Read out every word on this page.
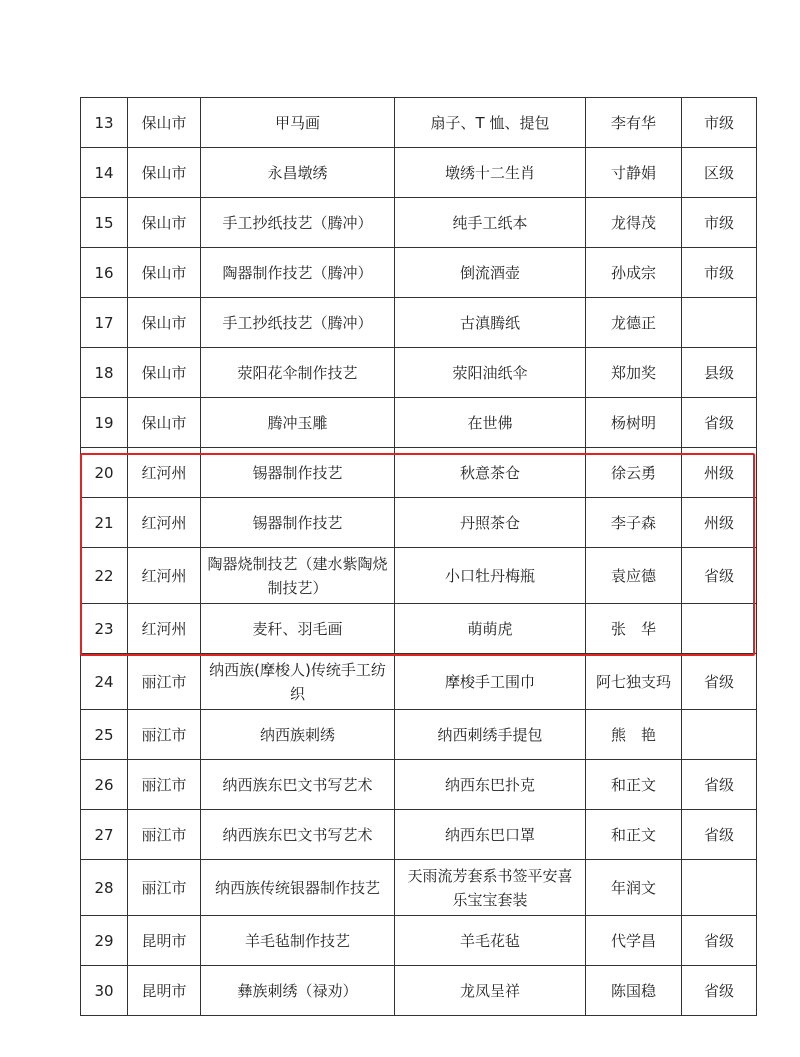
13	保山市	甲马画	扇子、T 恤、提包	李有华	市级
14	保山市	永昌墩绣	墩绣十二生肖	寸静娟	区级
15	保山市	手工抄纸技艺（腾冲）	纯手工纸本	龙得茂	市级
16	保山市	陶器制作技艺（腾冲）	倒流酒壶	孙成宗	市级
17	保山市	手工抄纸技艺（腾冲）	古滇腾纸	龙德正	
18	保山市	荥阳花伞制作技艺	荥阳油纸伞	郑加奖	县级
19	保山市	腾冲玉雕	在世佛	杨树明	省级
20	红河州	锡器制作技艺	秋意茶仓	徐云勇	州级
21	红河州	锡器制作技艺	丹照茶仓	李子森	州级
22	红河州	陶器烧制技艺（建水紫陶烧制技艺）	小口牡丹梅瓶	袁应德	省级
23	红河州	麦秆、羽毛画	萌萌虎	张　华	
24	丽江市	纳西族(摩梭人)传统手工纺织	摩梭手工围巾	阿七独支玛	省级
25	丽江市	纳西族刺绣	纳西刺绣手提包	熊　艳	
26	丽江市	纳西族东巴文书写艺术	纳西东巴扑克	和正文	省级
27	丽江市	纳西族东巴文书写艺术	纳西东巴口罩	和正文	省级
28	丽江市	纳西族传统银器制作技艺	天雨流芳套系书签平安喜乐宝宝套装	年润文	
29	昆明市	羊毛毡制作技艺	羊毛花毡	代学昌	省级
30	昆明市	彝族刺绣（禄劝）	龙凤呈祥	陈国稳	省级
